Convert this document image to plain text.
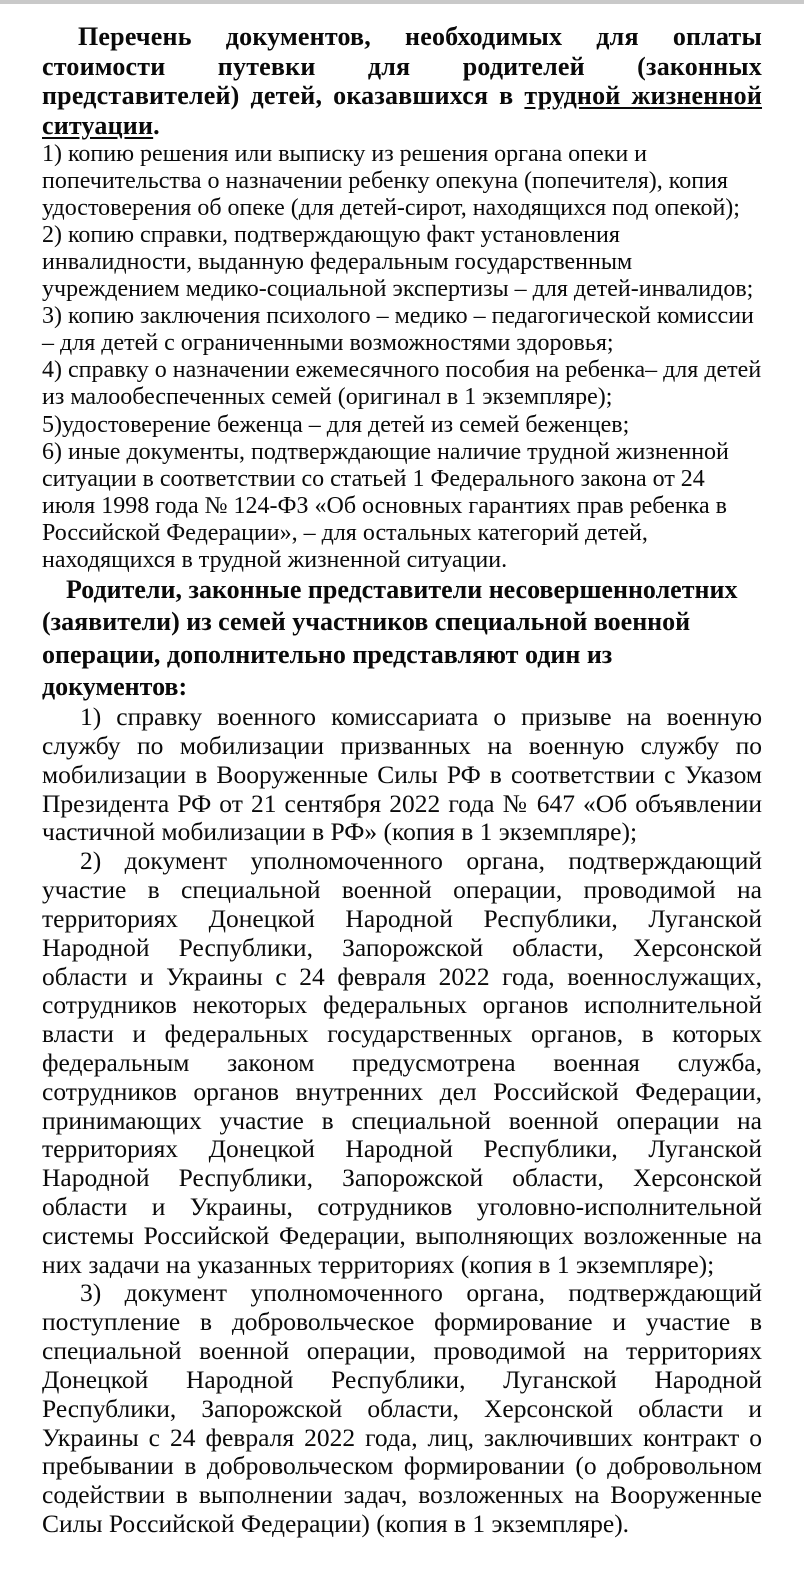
Перечень документов, необходимых для оплаты стоимости путевки для родителей (законных представителей) детей, оказавшихся в трудной жизненной ситуации.

1) копию решения или выписку из решения органа опеки и попечительства о назначении ребенку опекуна (попечителя), копия удостоверения об опеке (для детей-сирот, находящихся под опекой);

2) копию справки, подтверждающую факт установления инвалидности, выданную федеральным государственным учреждением медико-социальной экспертизы – для детей-инвалидов;

3) копию заключения психолого – медико – педагогической комиссии – для детей с ограниченными возможностями здоровья;

4) справку о назначении ежемесячного пособия на ребенка– для детей из малообеспеченных семей (оригинал в 1 экземпляре);

5)удостоверение беженца – для детей из семей беженцев;

6) иные документы, подтверждающие наличие трудной жизненной ситуации в соответствии со статьей 1 Федерального закона от 24 июля 1998 года № 124-ФЗ «Об основных гарантиях прав ребенка в Российской Федерации», – для остальных категорий детей, находящихся в трудной жизненной ситуации.

Родители, законные представители несовершеннолетних (заявители) из семей участников специальной военной операции, дополнительно представляют один из документов:

1) справку военного комиссариата о призыве на военную службу по мобилизации призванных на военную службу по мобилизации в Вооруженные Силы РФ в соответствии с Указом Президента РФ от 21 сентября 2022 года № 647 «Об объявлении частичной мобилизации в РФ» (копия в 1 экземпляре);

2) документ уполномоченного органа, подтверждающий участие в специальной военной операции, проводимой на территориях Донецкой Народной Республики, Луганской Народной Республики, Запорожской области, Херсонской области и Украины с 24 февраля 2022 года, военнослужащих, сотрудников некоторых федеральных органов исполнительной власти и федеральных государственных органов, в которых федеральным законом предусмотрена военная служба, сотрудников органов внутренних дел Российской Федерации, принимающих участие в специальной военной операции на территориях Донецкой Народной Республики, Луганской Народной Республики, Запорожской области, Херсонской области и Украины, сотрудников уголовно-исполнительной системы Российской Федерации, выполняющих возложенные на них задачи на указанных территориях (копия в 1 экземпляре);

3) документ уполномоченного органа, подтверждающий поступление в добровольческое формирование и участие в специальной военной операции, проводимой на территориях Донецкой Народной Республики, Луганской Народной Республики, Запорожской области, Херсонской области и Украины с 24 февраля 2022 года, лиц, заключивших контракт о пребывании в добровольческом формировании (о добровольном содействии в выполнении задач, возложенных на Вооруженные Силы Российской Федерации) (копия в 1 экземпляре).
